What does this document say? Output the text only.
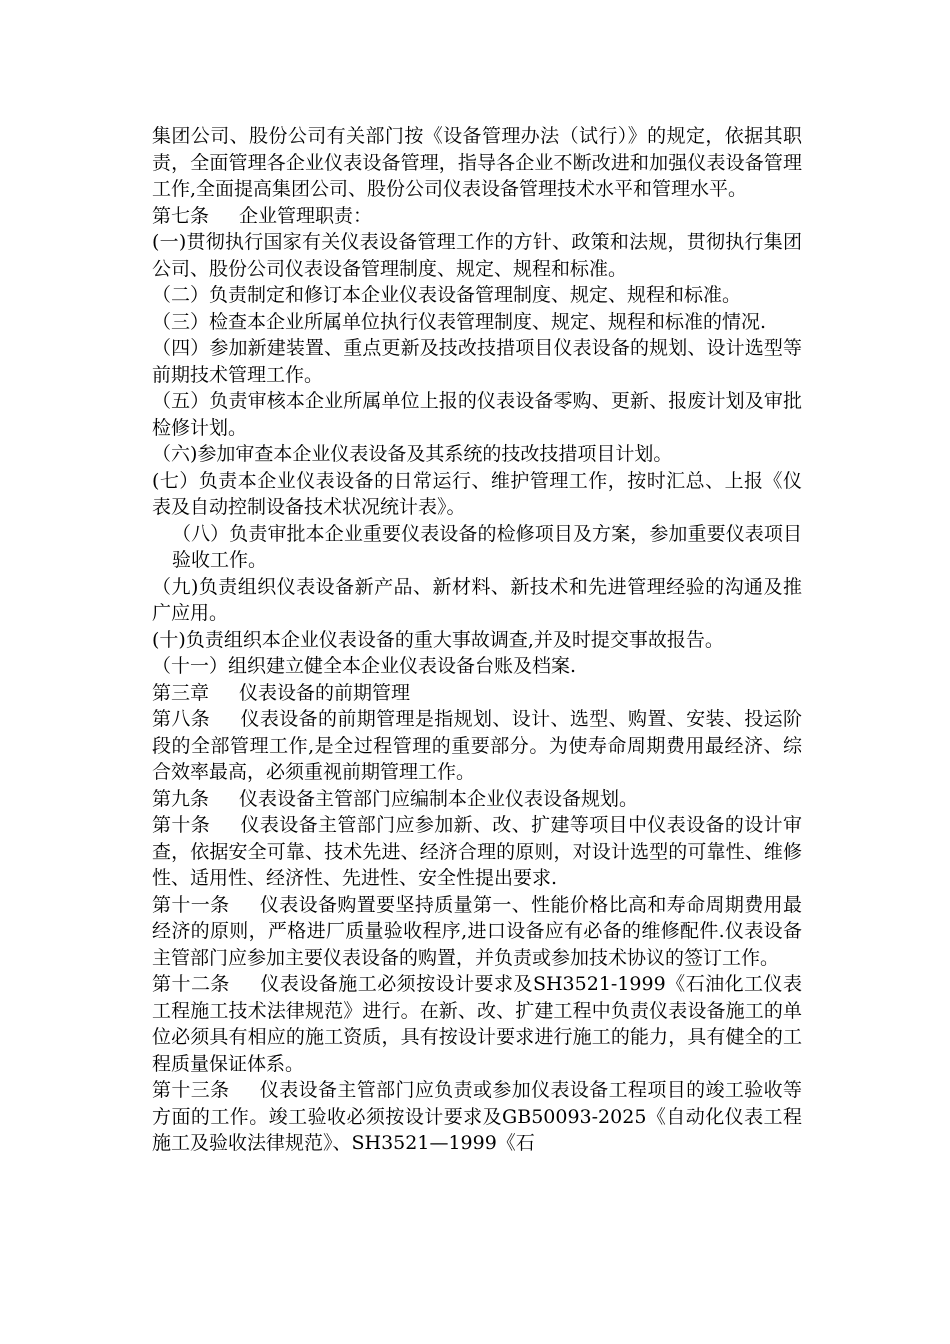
集团公司、股份公司有关部门按《设备管理办法（试行）》的规定，依据其职责，全面管理各企业仪表设备管理，指导各企业不断改进和加强仪表设备管理工作,全面提高集团公司、股份公司仪表设备管理技术水平和管理水平。
第七条 企业管理职责：
(一)贯彻执行国家有关仪表设备管理工作的方针、政策和法规，贯彻执行集团公司、股份公司仪表设备管理制度、规定、规程和标准。
（二）负责制定和修订本企业仪表设备管理制度、规定、规程和标准。
（三）检查本企业所属单位执行仪表管理制度、规定、规程和标准的情况.
（四）参加新建装置、重点更新及技改技措项目仪表设备的规划、设计选型等前期技术管理工作。
（五）负责审核本企业所属单位上报的仪表设备零购、更新、报废计划及审批检修计划。
（六)参加审查本企业仪表设备及其系统的技改技措项目计划。
(七）负责本企业仪表设备的日常运行、维护管理工作，按时汇总、上报《仪表及自动控制设备技术状况统计表》。
（八）负责审批本企业重要仪表设备的检修项目及方案，参加重要仪表项目验收工作。
（九)负责组织仪表设备新产品、新材料、新技术和先进管理经验的沟通及推广应用。
(十)负责组织本企业仪表设备的重大事故调查,并及时提交事故报告。
（十一）组织建立健全本企业仪表设备台账及档案.
第三章 仪表设备的前期管理
第八条 仪表设备的前期管理是指规划、设计、选型、购置、安装、投运阶段的全部管理工作,是全过程管理的重要部分。为使寿命周期费用最经济、综合效率最高，必须重视前期管理工作。
第九条 仪表设备主管部门应编制本企业仪表设备规划。
第十条 仪表设备主管部门应参加新、改、扩建等项目中仪表设备的设计审查，依据安全可靠、技术先进、经济合理的原则，对设计选型的可靠性、维修性、适用性、经济性、先进性、安全性提出要求.
第十一条 仪表设备购置要坚持质量第一、性能价格比高和寿命周期费用最经济的原则，严格进厂质量验收程序,进口设备应有必备的维修配件.仪表设备主管部门应参加主要仪表设备的购置，并负责或参加技术协议的签订工作。
第十二条 仪表设备施工必须按设计要求及SH3521-1999《石油化工仪表工程施工技术法律规范》进行。在新、改、扩建工程中负责仪表设备施工的单位必须具有相应的施工资质，具有按设计要求进行施工的能力，具有健全的工程质量保证体系。
第十三条 仪表设备主管部门应负责或参加仪表设备工程项目的竣工验收等方面的工作。竣工验收必须按设计要求及GB50093-2025《自动化仪表工程施工及验收法律规范》、SH3521—1999《石
